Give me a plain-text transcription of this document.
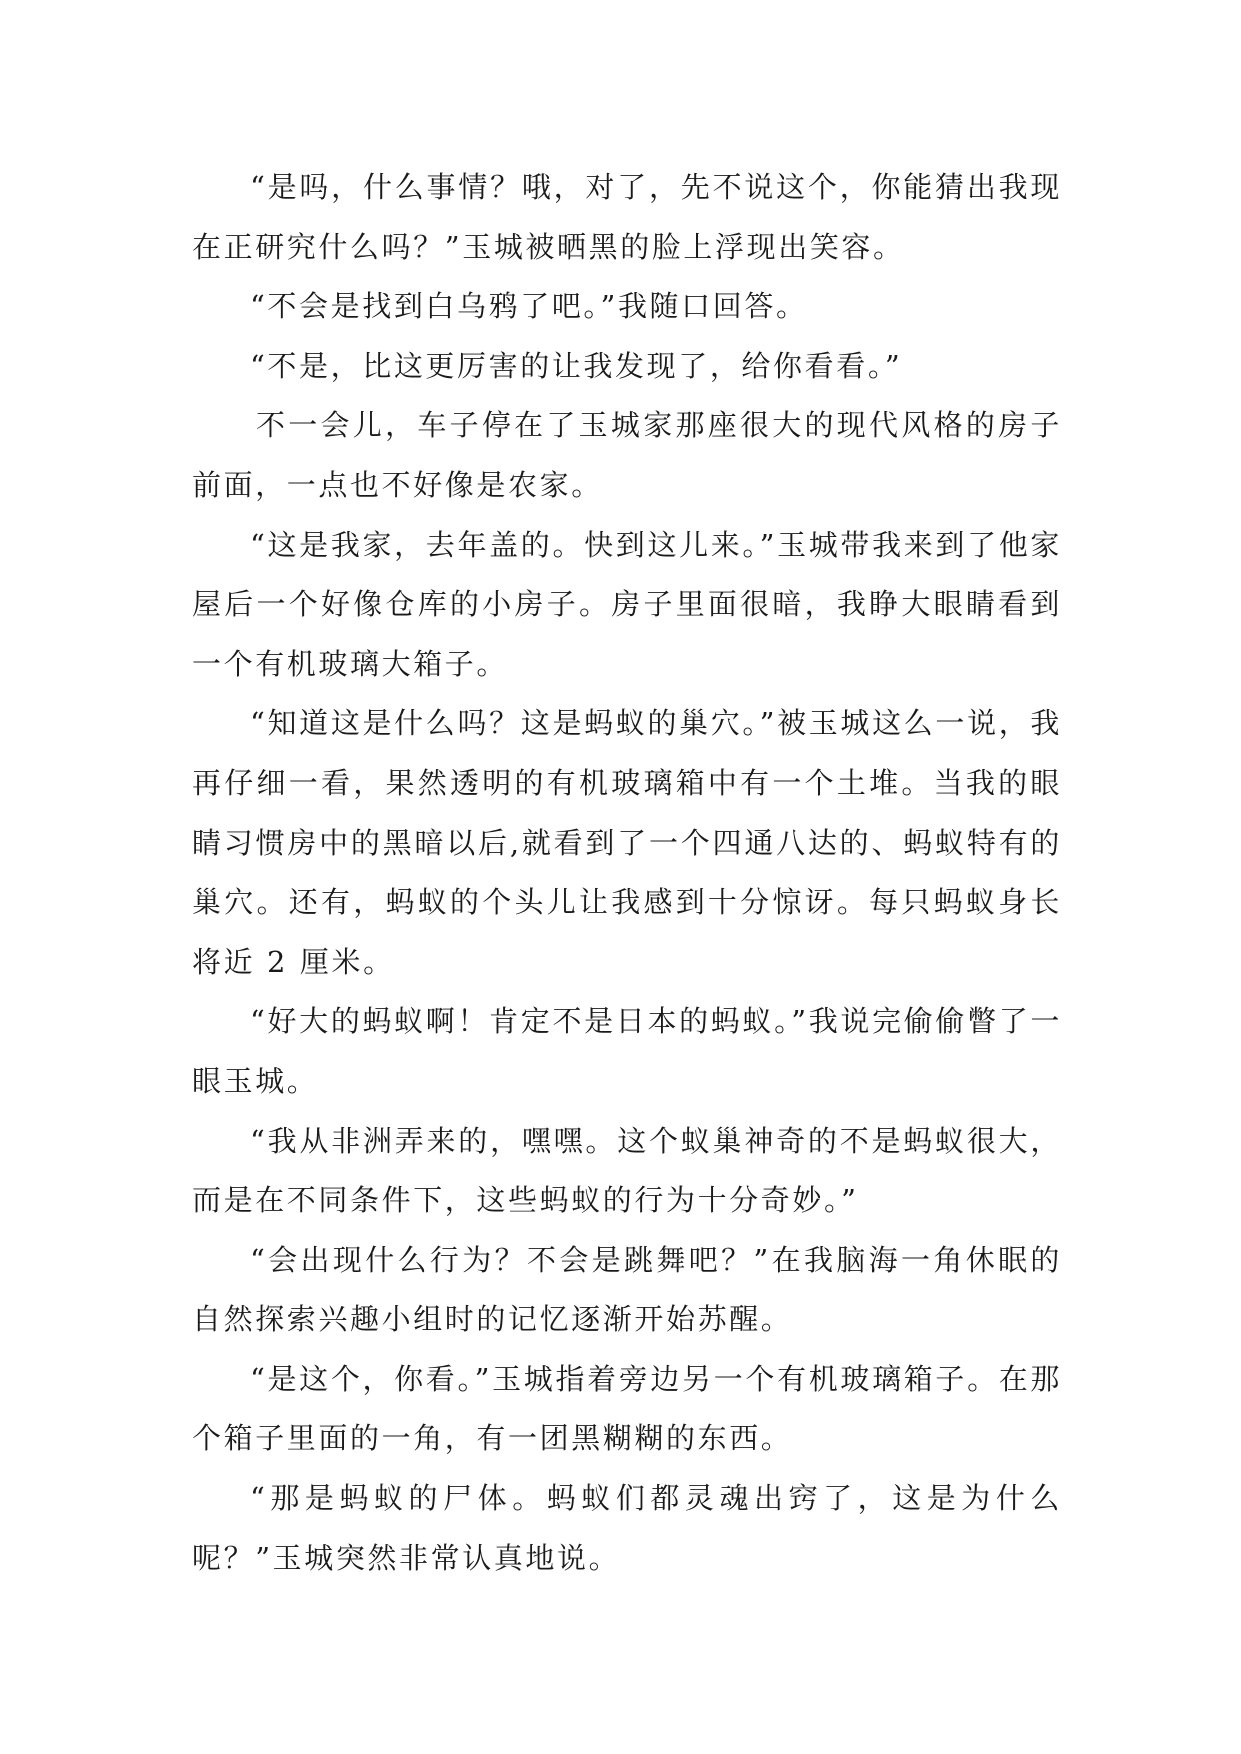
“是吗，什么事情？哦，对了，先不说这个，你能猜出我现在正研究什么吗？”玉城被晒黑的脸上浮现出笑容。

“不会是找到白乌鸦了吧。”我随口回答。

“不是，比这更厉害的让我发现了，给你看看。”

不一会儿，车子停在了玉城家那座很大的现代风格的房子前面，一点也不好像是农家。

“这是我家，去年盖的。快到这儿来。”玉城带我来到了他家屋后一个好像仓库的小房子。房子里面很暗，我睁大眼睛看到一个有机玻璃大箱子。

“知道这是什么吗？这是蚂蚁的巢穴。”被玉城这么一说，我再仔细一看，果然透明的有机玻璃箱中有一个土堆。当我的眼睛习惯房中的黑暗以后,就看到了一个四通八达的、蚂蚁特有的巢穴。还有，蚂蚁的个头儿让我感到十分惊讶。每只蚂蚁身长将近 2 厘米。

“好大的蚂蚁啊！肯定不是日本的蚂蚁。”我说完偷偷瞥了一眼玉城。

“我从非洲弄来的，嘿嘿。这个蚁巢神奇的不是蚂蚁很大，而是在不同条件下，这些蚂蚁的行为十分奇妙。”

“会出现什么行为？不会是跳舞吧？”在我脑海一角休眠的自然探索兴趣小组时的记忆逐渐开始苏醒。

“是这个，你看。”玉城指着旁边另一个有机玻璃箱子。在那个箱子里面的一角，有一团黑糊糊的东西。

“那是蚂蚁的尸体。蚂蚁们都灵魂出窍了，这是为什么呢？”玉城突然非常认真地说。
